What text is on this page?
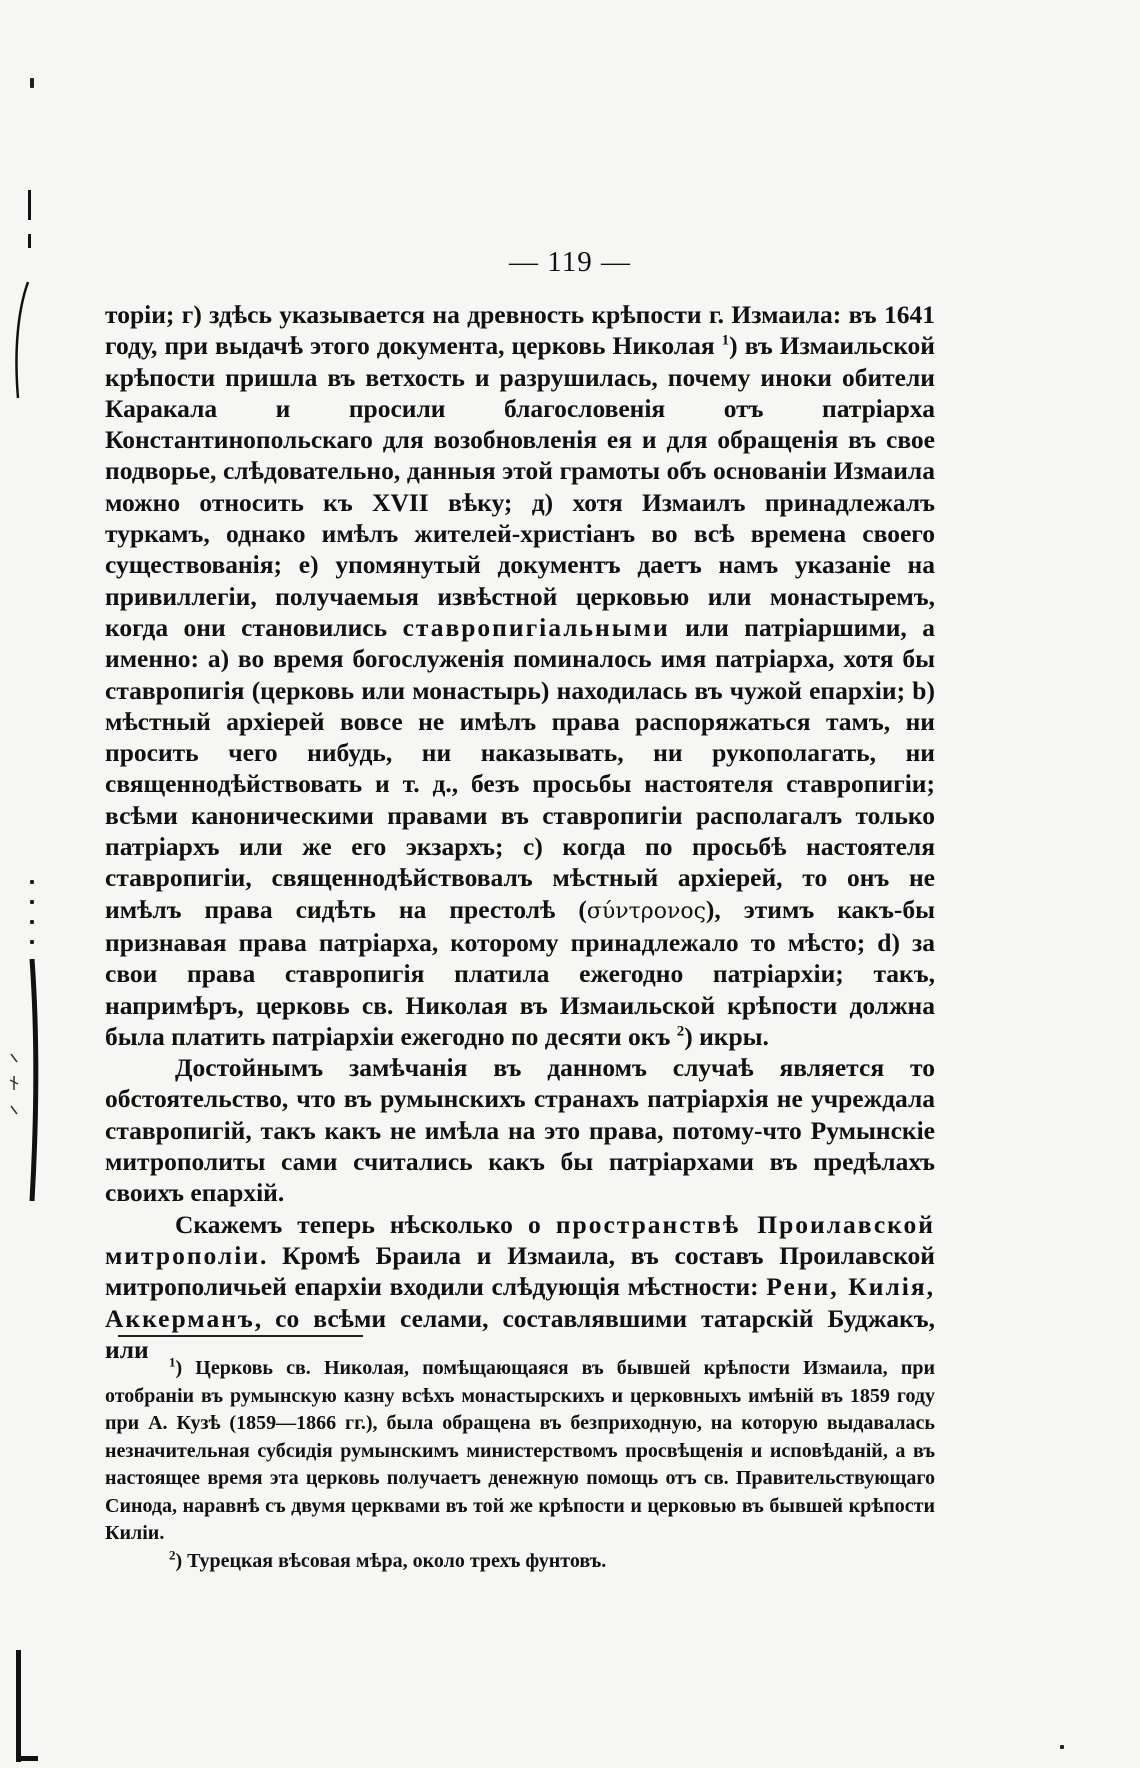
— 119 —

торіи; г) здѣсь указывается на древность крѣпости г. Измаила: въ 1641 году, при выдачѣ этого документа, церковь Николая $^1$) въ Измаильской крѣпости пришла въ ветхость и разрушилась, почему иноки обители Каракала и просили благословенія отъ патріарха Константинопольскаго для возобновленія ея и для обращенія въ свое подворье, слѣдовательно, данныя этой грамоты объ основаніи Измаила можно относить къ XVII вѣку; д) хотя Измаилъ принадлежалъ туркамъ, однако имѣлъ жителей-христіанъ во всѣ времена своего существованія; е) упомянутый документъ даетъ намъ указаніе на привиллегіи, получаемыя извѣстной церковью или монастыремъ, когда они становились ставропигіальными или патріаршими, а именно: a) во время богослуженія поминалось имя патріарха, хотя бы ставропигія (церковь или монастырь) находилась въ чужой епархіи; b) мѣстный архіерей вовсе не имѣлъ права распоряжаться тамъ, ни просить чего нибудь, ни наказывать, ни рукополагать, ни священнодѣйствовать и т. д., безъ просьбы настоятеля ставропигіи; всѣми каноническими правами въ ставропигіи располагалъ только патріархъ или же его экзархъ; c) когда по просьбѣ настоятеля ставропигіи, священнодѣйствовалъ мѣстный архіерей, то онъ не имѣлъ права сидѣть на престолѣ (σύντρονος), этимъ какъ-бы признавая права патріарха, которому принадлежало то мѣсто; d) за свои права ставропигія платила ежегодно патріархіи; такъ, напримѣръ, церковь св. Николая въ Измаильской крѣпости должна была платить патріархіи ежегодно по десяти окъ $^2$) икры.

Достойнымъ замѣчанія въ данномъ случаѣ является то обстоятельство, что въ румынскихъ странахъ патріархія не учреждала ставропигій, такъ какъ не имѣла на это права, потому-что Румынскіе митрополиты сами считались какъ бы патріархами въ предѣлахъ своихъ епархій.

Скажемъ теперь нѣсколько о пространствѣ Проилавской митрополіи. Кромѣ Браила и Измаила, въ составъ Проилавской митрополичьей епархіи входили слѣдующія мѣстности: Рени, Килія, Аккерманъ, со всѣми селами, составлявшими татарскій Буджакъ, или	$^1$) Церковь св. Николая, помѣщающаяся въ бывшей крѣпости Измаила, при отобраніи въ румынскую казну всѣхъ монастырскихъ и церковныхъ имѣній въ 1859 году при А. Кузѣ (1859—1866 гг.), была обращена въ безприходную, на которую выдавалась незначительная субсидія румынскимъ министерствомъ просвѣщенія и исповѣданій, а въ настоящее время эта церковь получаетъ денежную помощь отъ св. Правительствующаго Синода, наравнѣ съ двумя церквами въ той же крѣпости и церковью въ бывшей крѣпости Киліи.

$^2$) Турецкая вѣсовая мѣра, около трехъ фунтовъ.
